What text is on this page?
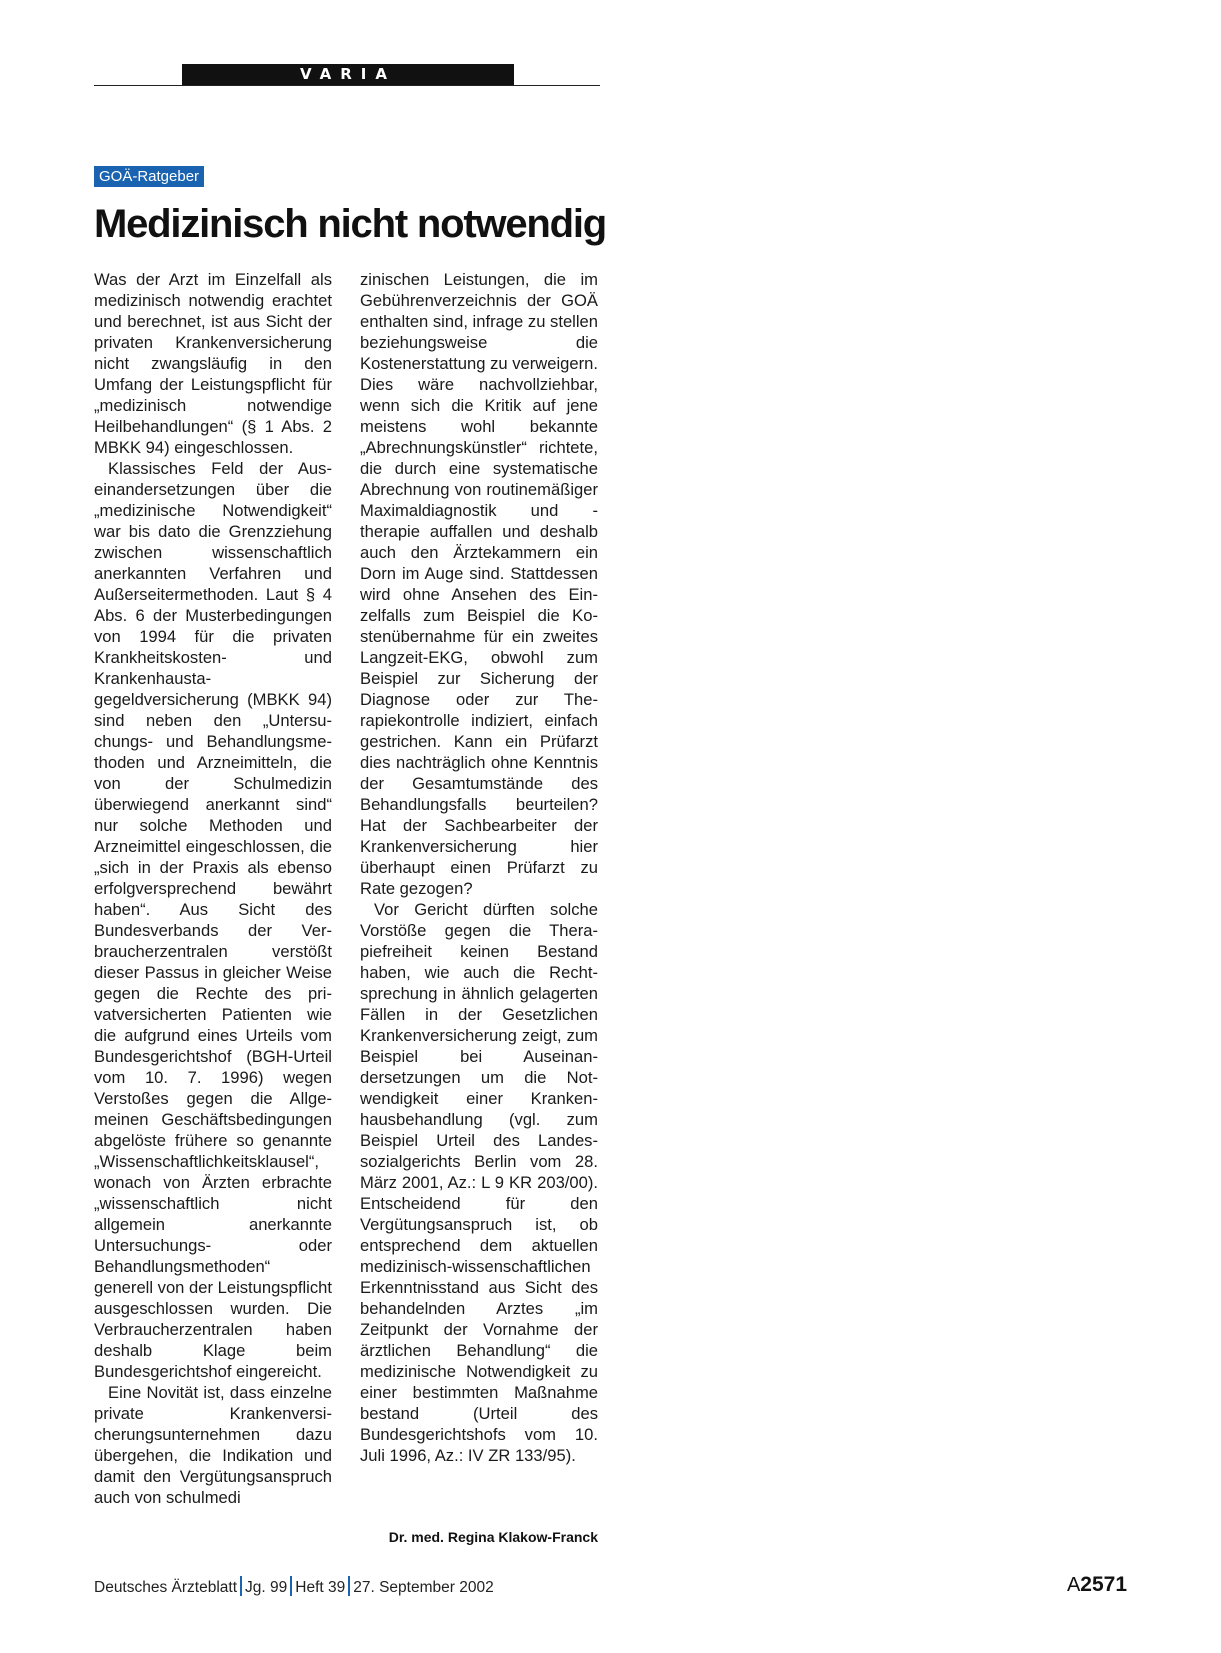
VARIA
GOÄ-Ratgeber
Medizinisch nicht notwendig

Was der Arzt im Einzelfall als medizinisch notwendig erachtet und berechnet, ist aus Sicht der privaten Krankenversicherung nicht zwangsläufig in den Umfang der Leistungspflicht für „medizinisch notwendige Heilbehandlungen“ (§ 1 Abs. 2 MBKK 94) eingeschlossen.

Klassisches Feld der Auseinandersetzungen über die „medizinische Notwendigkeit“ war bis dato die Grenzziehung zwischen wissenschaftlich anerkannten Verfahren und Außerseitermethoden. Laut § 4 Abs. 6 der Musterbedingungen von 1994 für die privaten Krankheitskosten- und Krankenhaustagegeldversicherung (MBKK 94) sind neben den „Untersuchungs- und Behandlungsmethoden und Arzneimitteln, die von der Schulmedizin überwiegend anerkannt sind“ nur solche Methoden und Arzneimittel eingeschlossen, die „sich in der Praxis als ebenso erfolgversprechend bewährt haben“. Aus Sicht des Bundesverbands der Verbraucherzentralen verstößt dieser Passus in gleicher Weise gegen die Rechte des privatversicherten Patienten wie die aufgrund eines Urteils vom Bundesgerichtshof (BGH-Urteil vom 10. 7. 1996) wegen Verstoßes gegen die Allgemeinen Geschäftsbedingungen abgelöste frühere so genannte „Wissenschaftlichkeitsklausel“, wonach von Ärzten erbrachte „wissenschaftlich nicht allgemein anerkannte Untersuchungs- oder Behandlungsmethoden“ generell von der Leistungspflicht ausgeschlossen wurden. Die Verbraucherzentralen haben deshalb Klage beim Bundesgerichtshof eingereicht.

Eine Novität ist, dass einzelne private Krankenversicherungsunternehmen dazu übergehen, die Indikation und damit den Vergütungsanspruch auch von schulmedi

zinischen Leistungen, die im Gebührenverzeichnis der GOÄ enthalten sind, infrage zu stellen beziehungsweise die Kostenerstattung zu verweigern. Dies wäre nachvollziehbar, wenn sich die Kritik auf jene meistens wohl bekannte „Abrechnungskünstler“ richtete, die durch eine systematische Abrechnung von routinemäßiger Maximaldiagnostik und -therapie auffallen und deshalb auch den Ärztekammern ein Dorn im Auge sind. Stattdessen wird ohne Ansehen des Einzelfalls zum Beispiel die Kostenübernahme für ein zweites Langzeit-EKG, obwohl zum Beispiel zur Sicherung der Diagnose oder zur Therapiekontrolle indiziert, einfach gestrichen. Kann ein Prüfarzt dies nachträglich ohne Kenntnis der Gesamtumstände des Behandlungsfalls beurteilen? Hat der Sachbearbeiter der Krankenversicherung hier überhaupt einen Prüfarzt zu Rate gezogen?

Vor Gericht dürften solche Vorstöße gegen die Therapiefreiheit keinen Bestand haben, wie auch die Rechtsprechung in ähnlich gelagerten Fällen in der Gesetzlichen Krankenversicherung zeigt, zum Beispiel bei Auseinandersetzungen um die Notwendigkeit einer Krankenhausbehandlung (vgl. zum Beispiel Urteil des Landessozialgerichts Berlin vom 28. März 2001, Az.: L 9 KR 203/00). Entscheidend für den Vergütungsanspruch ist, ob entsprechend dem aktuellen medizinisch-wissenschaftlichen Erkenntnisstand aus Sicht des behandelnden Arztes „im Zeitpunkt der Vornahme der ärztlichen Behandlung“ die medizinische Notwendigkeit zu einer bestimmten Maßnahme bestand (Urteil des Bundesgerichtshofs vom 10. Juli 1996, Az.: IV ZR 133/95).

Dr. med. Regina Klakow-Franck
Deutsches Ärzteblatt Jg. 99 Heft 39 27. September 2002	A2571
